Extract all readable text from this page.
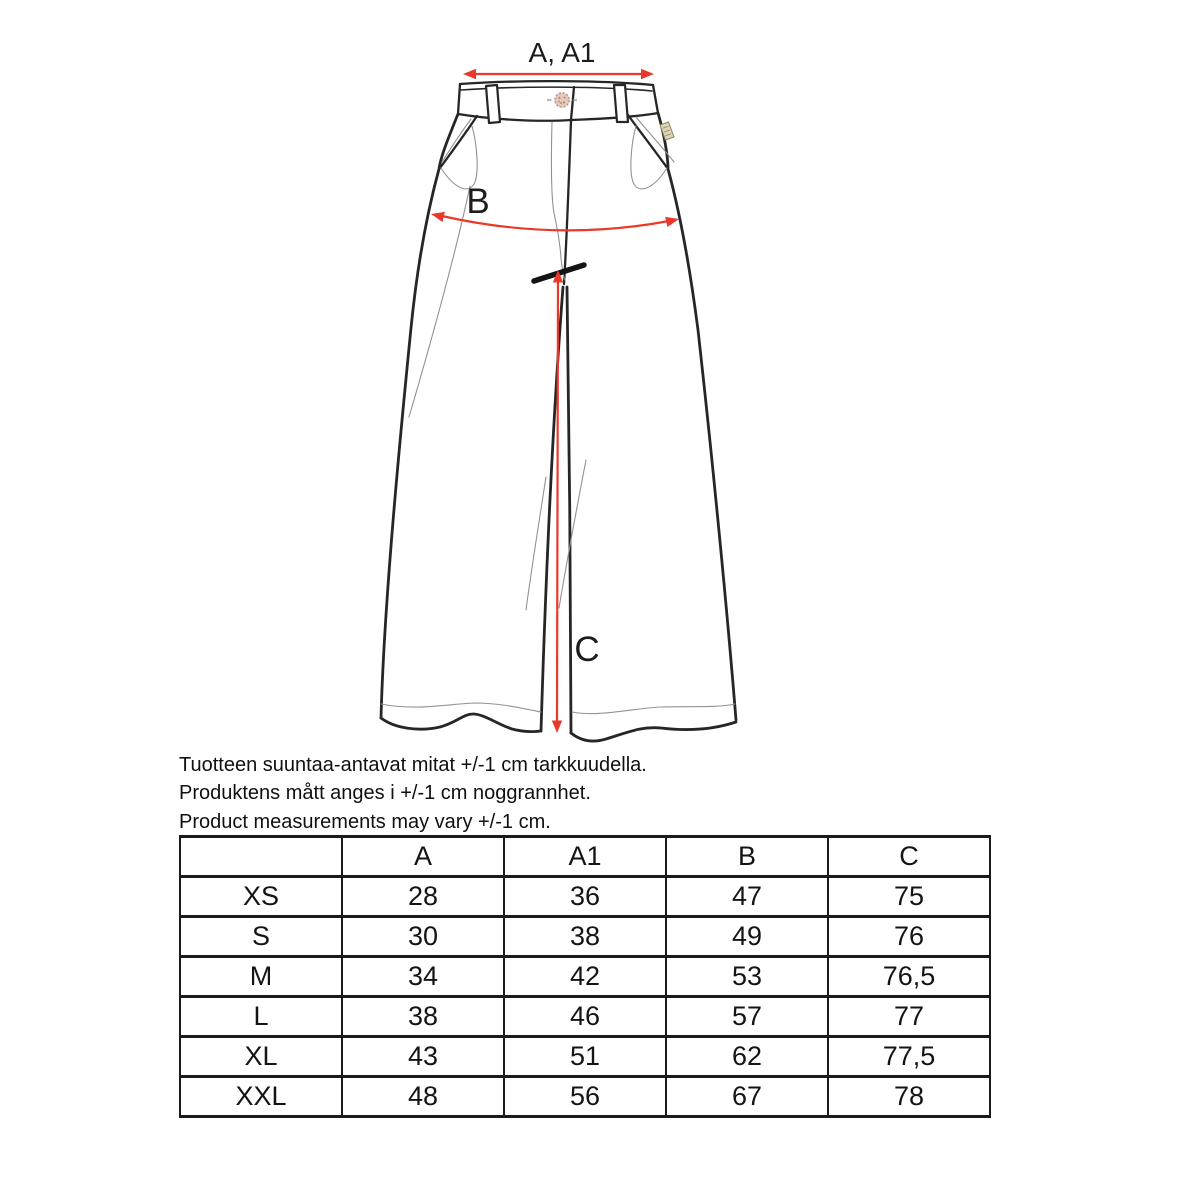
A, A1
B
C
Tuotteen suuntaa-antavat mitat +/-1 cm tarkkuudella.
Produktens mått anges i +/-1 cm noggrannhet.
Product measurements may vary +/-1 cm.
	A	A1	B	C
XS	28	36	47	75
S	30	38	49	76
M	34	42	53	76,5
L	38	46	57	77
XL	43	51	62	77,5
XXL	48	56	67	78
